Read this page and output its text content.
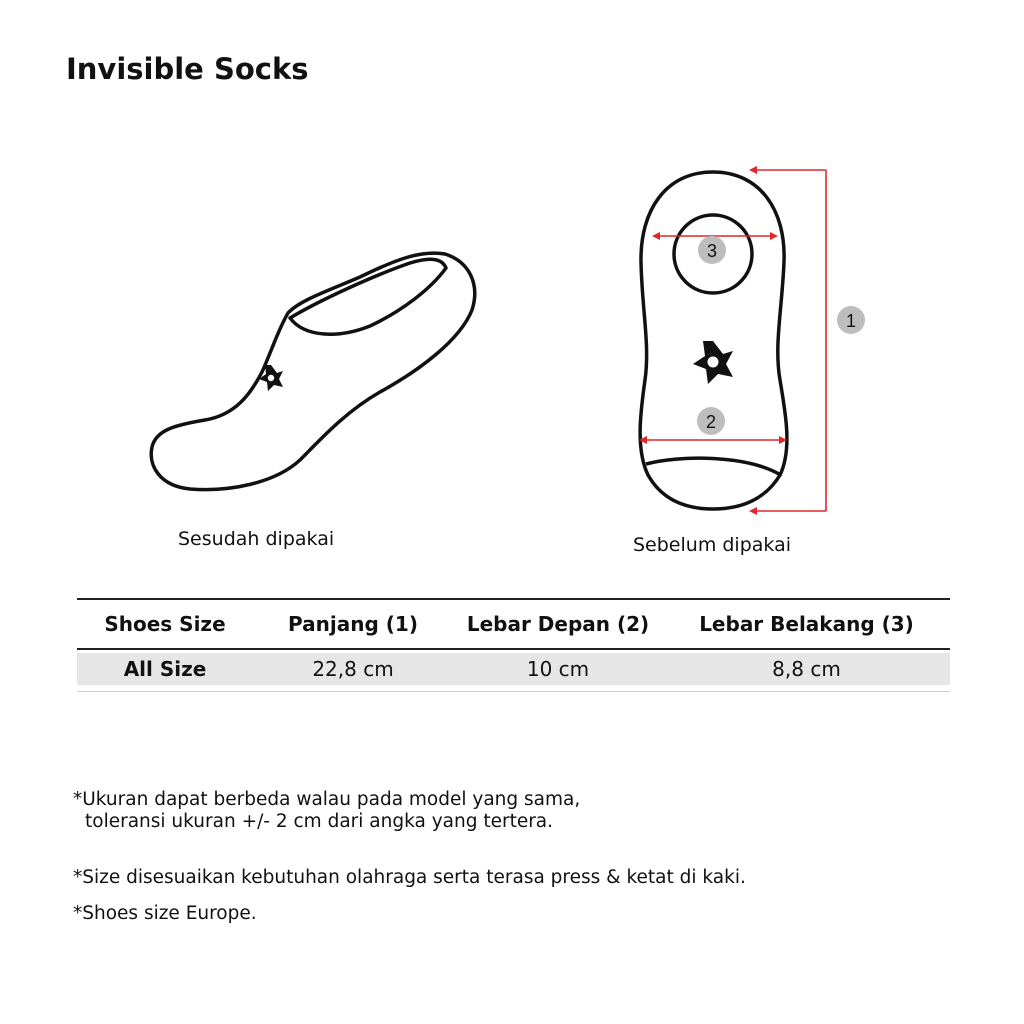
Invisible Socks
1
2
3
Sesudah dipakai	Sebelum dipakai
Shoes Size	Panjang (1)	Lebar Depan (2)	Lebar Belakang (3)
All Size	22,8 cm	10 cm	8,8 cm

*Ukuran dapat berbeda walau pada model yang sama,

toleransi ukuran +/- 2 cm dari angka yang tertera.

*Size disesuaikan kebutuhan olahraga serta terasa press & ketat di kaki.
*Shoes size Europe.
